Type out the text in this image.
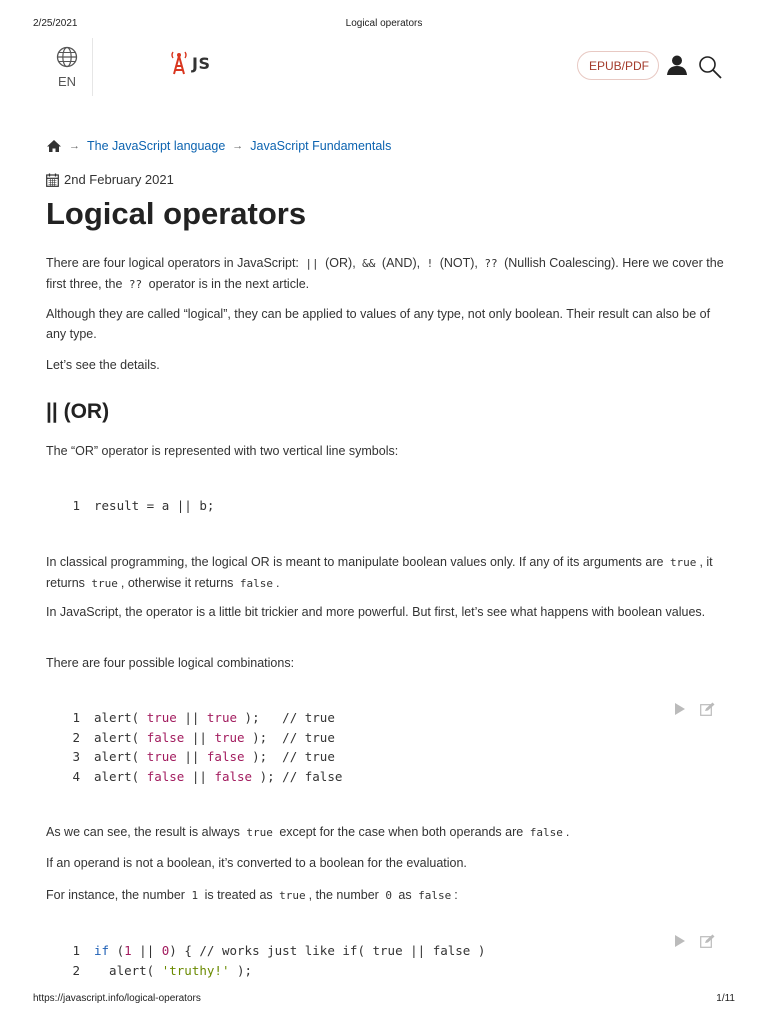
2/25/2021	Logical operators
EN
JS	EPUB/PDF
→ The JavaScript language → JavaScript Fundamentals
2nd February 2021
Logical operators

There are four logical operators in JavaScript: || (OR), && (AND), ! (NOT), ?? (Nullish Coalescing). Here we cover the first three, the ?? operator is in the next article.

Although they are called “logical”, they can be applied to values of any type, not only boolean. Their result can also be of any type.

Let’s see the details.

|| (OR)

The “OR” operator is represented with two vertical line symbols:

1 result = a || b;

In classical programming, the logical OR is meant to manipulate boolean values only. If any of its arguments are true , it returns true , otherwise it returns false .

In JavaScript, the operator is a little bit trickier and more powerful. But first, let’s see what happens with boolean values.

There are four possible logical combinations:

1 alert( true || true );   // true
2 alert( false || true );  // true
3 alert( true || false );  // true
4 alert( false || false ); // false

As we can see, the result is always true except for the case when both operands are false .

If an operand is not a boolean, it’s converted to a boolean for the evaluation.

For instance, the number 1 is treated as true , the number 0 as false :

1 if ( 1 || 0 ) { // works just like if( true || false )
2 alert( 'truthy!' );
https://javascript.info/logical-operators	1/11
